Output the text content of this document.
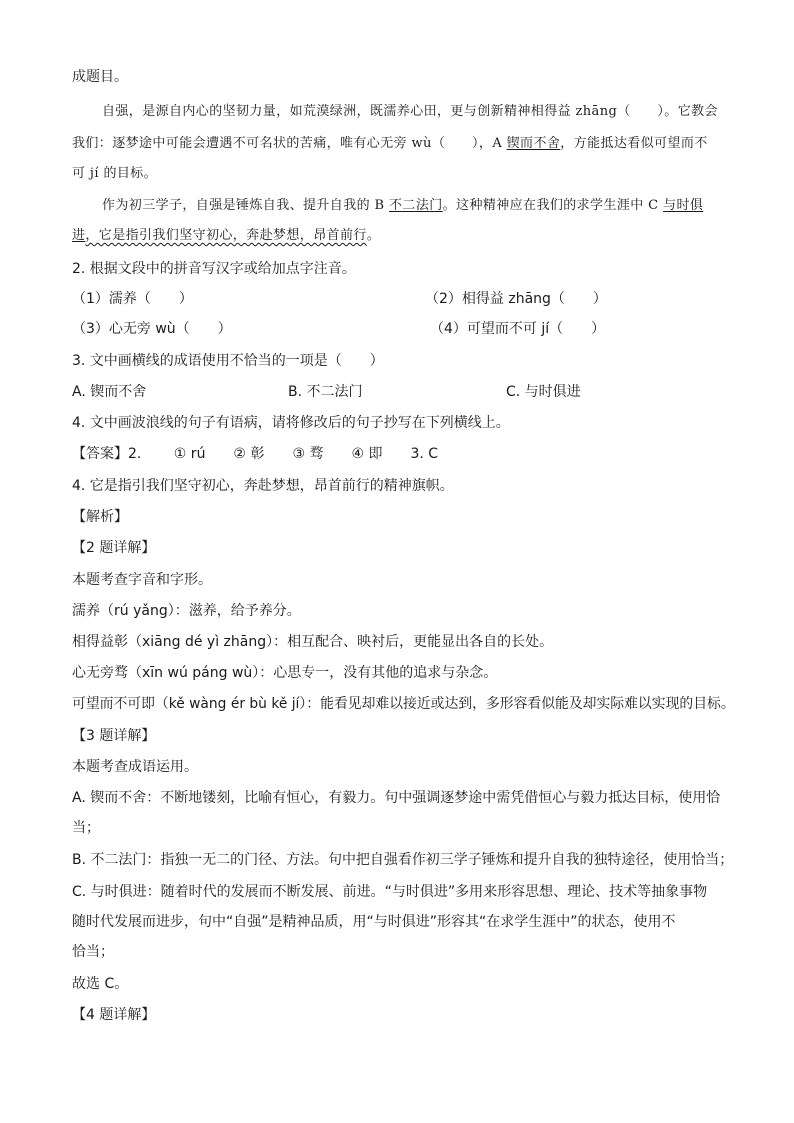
成题目。
自强，是源自内心的坚韧力量，如荒漠绿洲，既濡养心田，更与创新精神相得益 zhāng（　　）。它教会
我们：逐梦途中可能会遭遇不可名状的苦痛，唯有心无旁 wù（　　），A 锲而不舍，方能抵达看似可望而不
可 jí 的目标。
作为初三学子，自强是锤炼自我、提升自我的 B 不二法门。这种精神应在我们的求学生涯中 C 与时俱
进，它是指引我们坚守初心，奔赴梦想，昂首前行。
2. 根据文段中的拼音写汉字或给加点字注音。
（1）濡养（　　）	（2）相得益 zhāng（　　）
（3）心无旁 wù（　　）	（4）可望而不可 jí（　　）
3. 文中画横线的成语使用不恰当的一项是（　　）
A. 锲而不舍	B. 不二法门	C. 与时俱进
4. 文中画波浪线的句子有语病，请将修改后的句子抄写在下列横线上。
【答案】2. 　　① rú　　② 彰　　③ 骛　　④ 即　　3. C
4. 它是指引我们坚守初心，奔赴梦想，昂首前行的精神旗帜。
【解析】
【2 题详解】
本题考查字音和字形。
濡养（rú yǎng）：滋养，给予养分。
相得益彰（xiāng dé yì zhāng）：相互配合、映衬后，更能显出各自的长处。
心无旁骛（xīn wú páng wù）：心思专一，没有其他的追求与杂念。
可望而不可即（kě wàng ér bù kě jí）：能看见却难以接近或达到，多形容看似能及却实际难以实现的目标。
【3 题详解】
本题考查成语运用。
A. 锲而不舍：不断地镂刻，比喻有恒心，有毅力。句中强调逐梦途中需凭借恒心与毅力抵达目标，使用恰
当；
B. 不二法门：指独一无二的门径、方法。句中把自强看作初三学子锤炼和提升自我的独特途径，使用恰当；
C. 与时俱进：随着时代的发展而不断发展、前进。“与时俱进”多用来形容思想、理论、技术等抽象事物
随时代发展而进步，句中“自强”是精神品质，用“与时俱进”形容其“在求学生涯中”的状态，使用不
恰当；
故选 C。
【4 题详解】
